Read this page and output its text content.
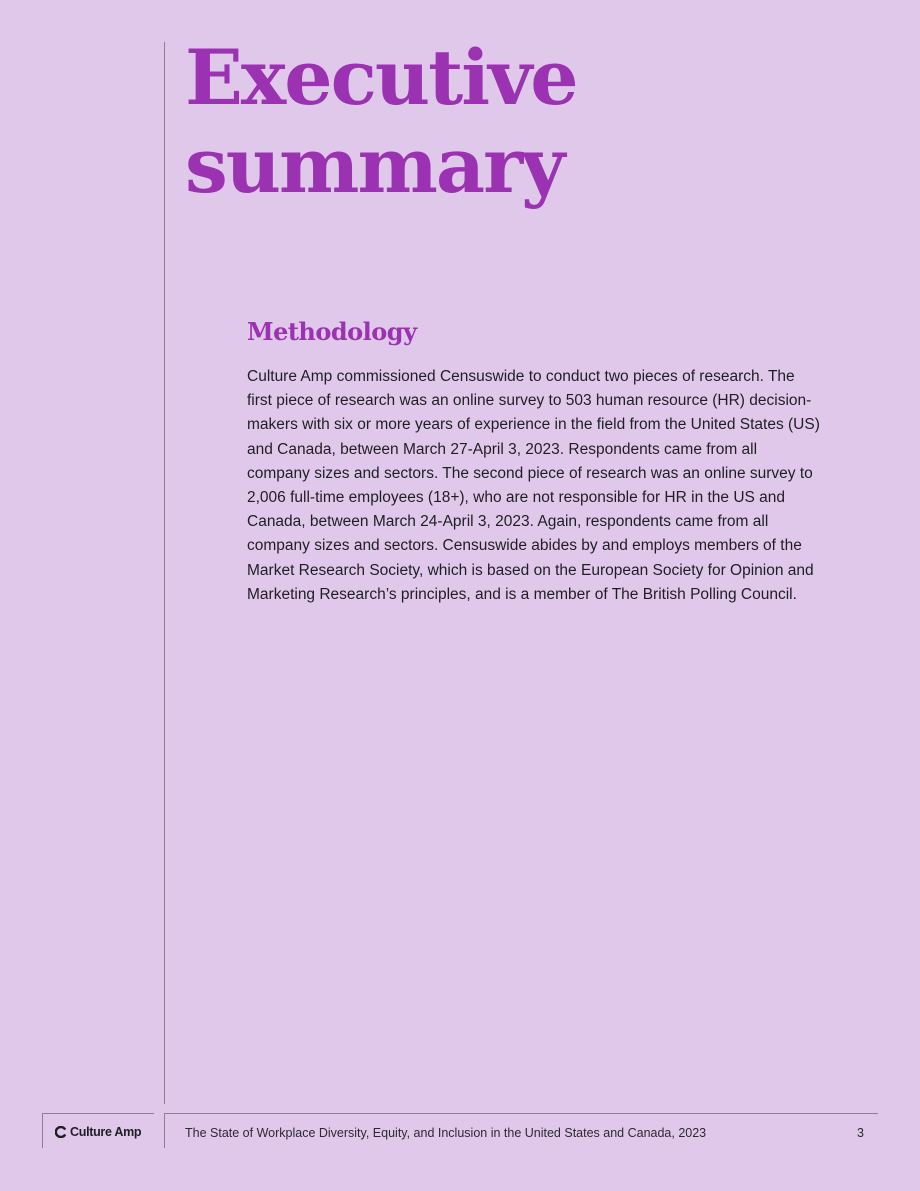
Executive
summary
Methodology

Culture Amp commissioned Censuswide to conduct two pieces of research. The first piece of research was an online survey to 503 human resource (HR) decision-makers with six or more years of experience in the field from the United States (US) and Canada, between March 27-April 3, 2023. Respondents came from all company sizes and sectors. The second piece of research was an online survey to 2,006 full-time employees (18+), who are not responsible for HR in the US and Canada, between March 24-April 3, 2023. Again, respondents came from all company sizes and sectors. Censuswide abides by and employs members of the Market Research Society, which is based on the European Society for Opinion and Marketing Research’s principles, and is a member of The British Polling Council.

Culture Amp	The State of Workplace Diversity, Equity, and Inclusion in the United States and Canada, 2023	3
